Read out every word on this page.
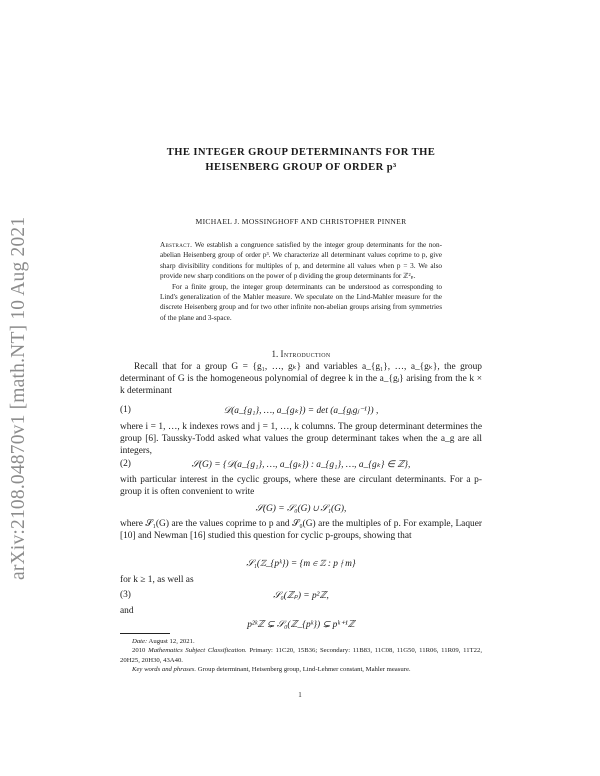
arXiv:2108.04870v1 [math.NT] 10 Aug 2021
THE INTEGER GROUP DETERMINANTS FOR THE
HEISENBERG GROUP OF ORDER p³
MICHAEL J. MOSSINGHOFF AND CHRISTOPHER PINNER

Abstract. We establish a congruence satisfied by the integer group determinants for the non-abelian Heisenberg group of order p³. We characterize all determinant values coprime to p, give sharp divisibility conditions for multiples of p, and determine all values when p = 3. We also provide new sharp conditions on the power of p dividing the group determinants for ℤ²ₚ.

For a finite group, the integer group determinants can be understood as corresponding to Lind's generalization of the Mahler measure. We speculate on the Lind-Mahler measure for the discrete Heisenberg group and for two other infinite non-abelian groups arising from symmetries of the plane and 3-space.

1. Introduction

Recall that for a group G = {g₁, …, gₖ} and variables a_{g₁}, …, a_{gₖ}, the group determinant of G is the homogeneous polynomial of degree k in the a_{gᵢ} arising from the k × k determinant

(1)	𝒟(a_{g₁}, …, a_{gₖ}) = det (a_{gᵢgⱼ⁻¹}) ,

where i = 1, …, k indexes rows and j = 1, …, k columns. The group determinant determines the group [6]. Taussky-Todd asked what values the group determinant takes when the a_g are all integers,

(2)	𝒮(G) = {𝒟(a_{g₁}, …, a_{gₖ}) : a_{g₁}, …, a_{gₖ} ∈ ℤ},

with particular interest in the cyclic groups, where these are circulant determinants. For a p-group it is often convenient to write

𝒮(G) = 𝒮₀(G) ∪ 𝒮₁(G),

where 𝒮₁(G) are the values coprime to p and 𝒮₀(G) are the multiples of p. For example, Laquer [10] and Newman [16] studied this question for cyclic p-groups, showing that

𝒮₁(ℤ_{pᵏ}) = {m ∈ ℤ : p ∤ m}

for k ≥ 1, as well as

(3)	𝒮₀(ℤₚ) = p²ℤ,

and

p²ᵏℤ ⊊ 𝒮₀(ℤ_{pᵏ}) ⊊ pᵏ⁺¹ℤ

Date: August 12, 2021.

2010 Mathematics Subject Classification. Primary: 11C20, 15B36; Secondary: 11B83, 11C08, 11G50, 11R06, 11R09, 11T22, 20H25, 20H30, 43A40.

Key words and phrases. Group determinant, Heisenberg group, Lind-Lehmer constant, Mahler measure.

1
